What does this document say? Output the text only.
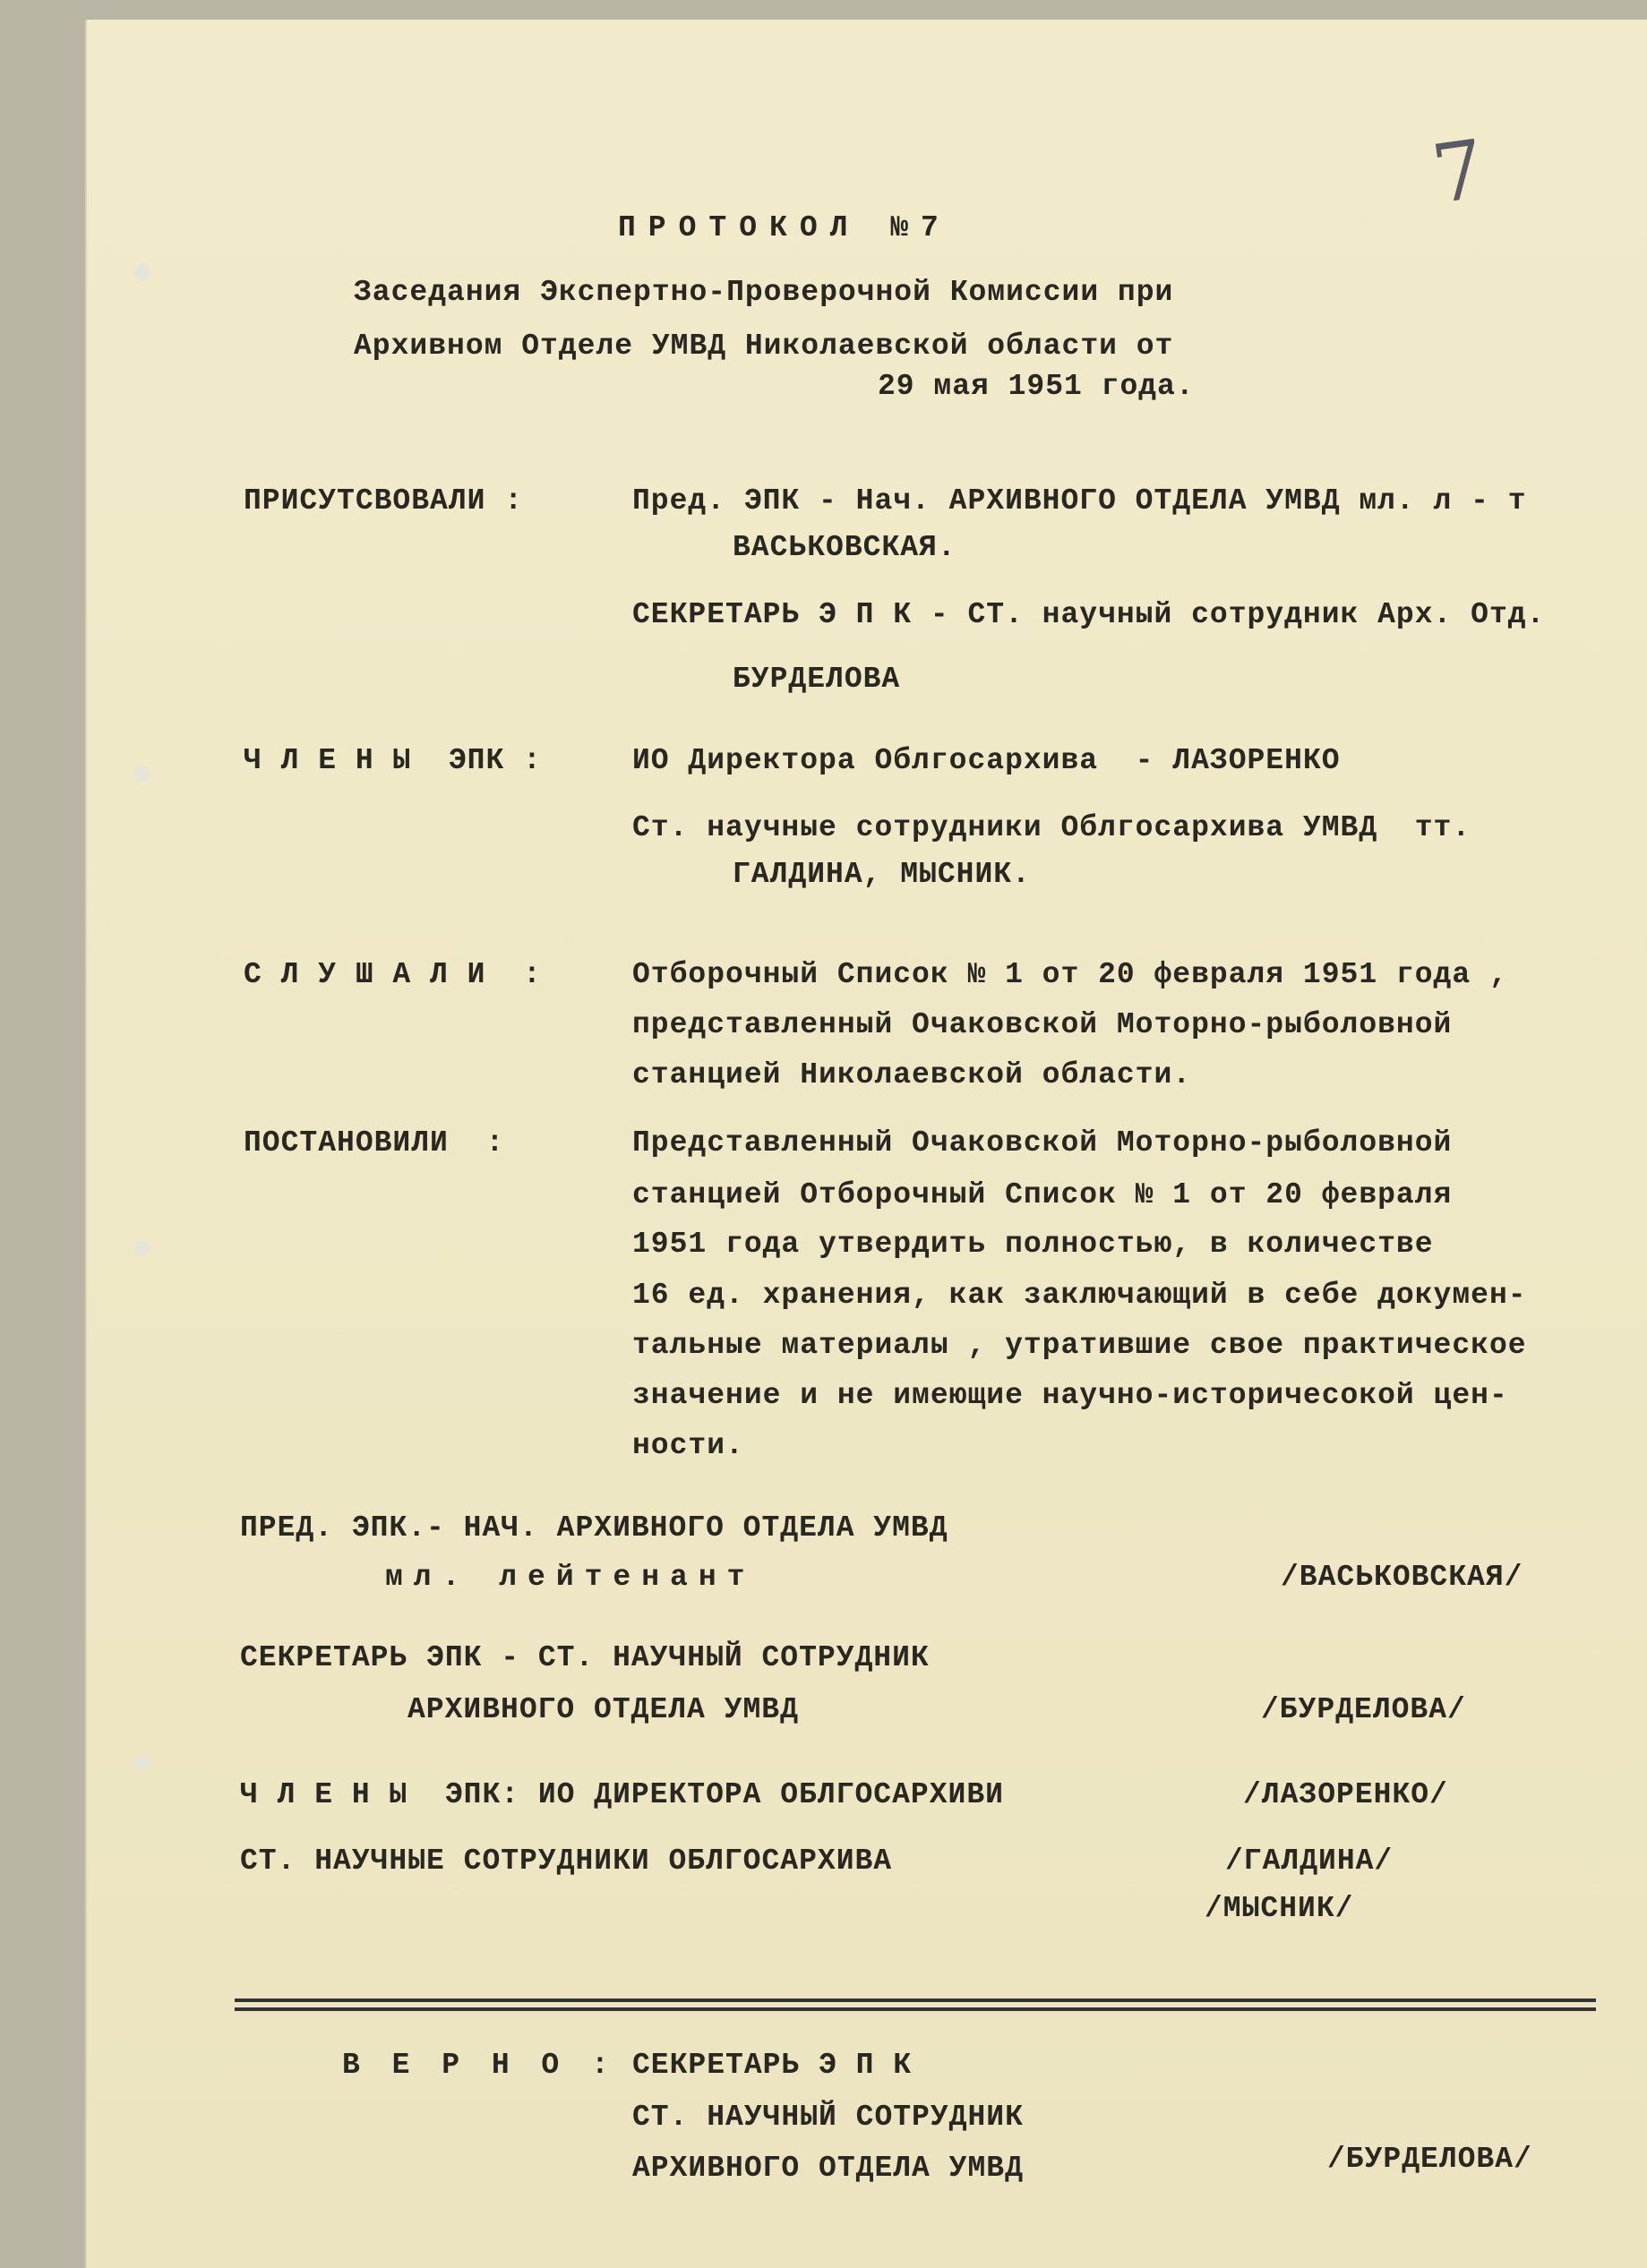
7
ПРОТОКОЛ №7
Заседания Экспертно-Проверочной Комиссии при
Архивном Отделе УМВД Николаевской области от
29 мая 1951 года.
ПРИСУТСВОВАЛИ :	Пред. ЭПК - Нач. АРХИВНОГО ОТДЕЛА УМВД мл. л - т
ВАСЬКОВСКАЯ.
СЕКРЕТАРЬ Э П К - СТ. научный сотрудник Арх. Отд.
БУРДЕЛОВА
Ч Л Е Н Ы  ЭПК :	ИО Директора Облгосархива  - ЛАЗОРЕНКО
Ст. научные сотрудники Облгосархива УМВД  тт.
ГАЛДИНА, МЫСНИК.
С Л У Ш А Л И  :	Отборочный Список № 1 от 20 февраля 1951 года ,
представленный Очаковской Моторно-рыболовной
станцией Николаевской области.
ПОСТАНОВИЛИ  :	Представленный Очаковской Моторно-рыболовной
станцией Отборочный Список № 1 от 20 февраля
1951 года утвердить полностью, в количестве
16 ед. хранения, как заключающий в себе докумен-
тальные материалы , утратившие свое практическое
значение и не имеющие научно-историчесокой цен-
ности.
ПРЕД. ЭПК.- НАЧ. АРХИВНОГО ОТДЕЛА УМВД
мл. лейтенант	/ВАСЬКОВСКАЯ/
СЕКРЕТАРЬ ЭПК - СТ. НАУЧНЫЙ СОТРУДНИК
АРХИВНОГО ОТДЕЛА УМВД	/БУРДЕЛОВА/
Ч Л Е Н Ы  ЭПК: ИО ДИРЕКТОРА ОБЛГОСАРХИВИ	/ЛАЗОРЕНКО/
СТ. НАУЧНЫЕ СОТРУДНИКИ ОБЛГОСАРХИВА	/ГАЛДИНА/
/МЫСНИК/
В Е Р Н О : СЕКРЕТАРЬ Э П К
СТ. НАУЧНЫЙ СОТРУДНИК
АРХИВНОГО ОТДЕЛА УМВД	/БУРДЕЛОВА/
